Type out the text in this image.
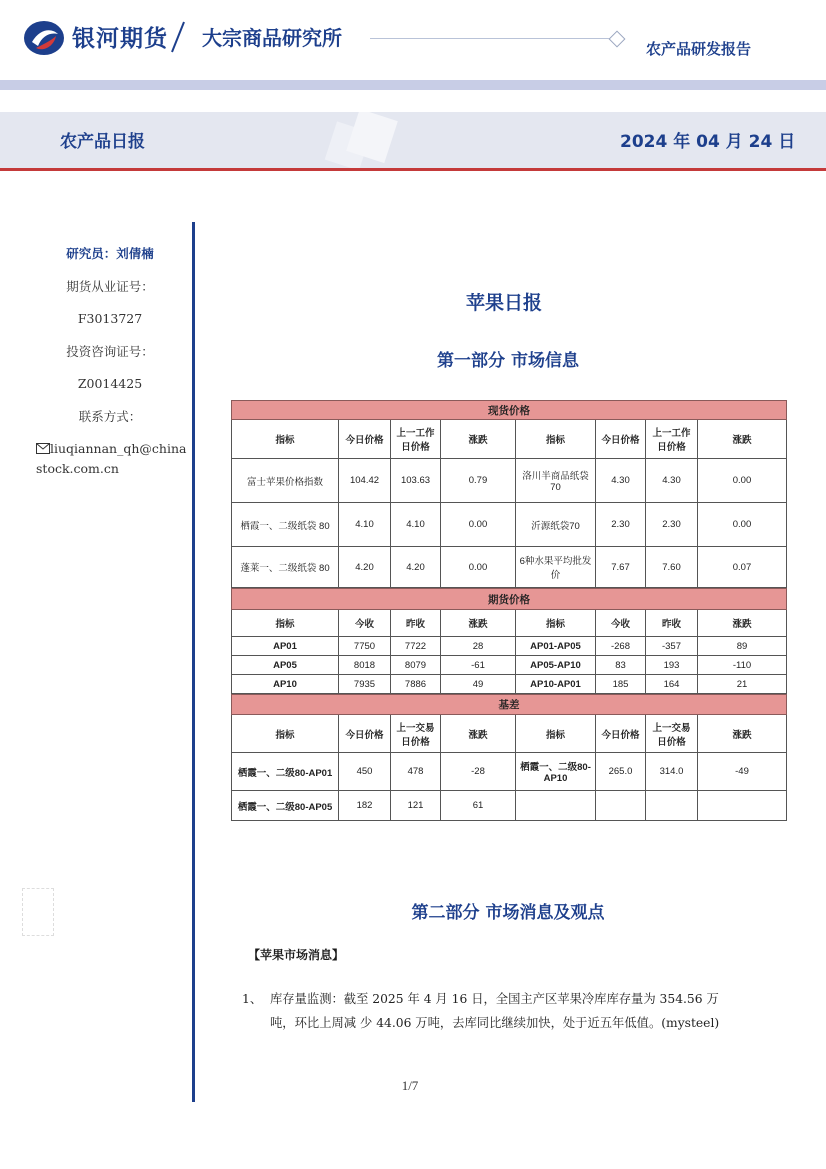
银河期货 大宗商品研究所	农产品研发报告
农产品日报	2024 年 04 月 24 日
研究员：刘倩楠
期货从业证号：
F3013727
投资咨询证号：
Z0014425
联系方式：
liuqiannan_qh@chinastock.com.cn
苹果日报
第一部分 市场信息
现货价格							
指标	今日价格	上一工作日价格	涨跌	指标	今日价格	上一工作日价格	涨跌
富士苹果价格指数	104.42	103.63	0.79	洛川半商品纸袋70	4.30	4.30	0.00
栖霞一、二级纸袋 80	4.10	4.10	0.00	沂源纸袋70	2.30	2.30	0.00
蓬莱一、二级纸袋 80	4.20	4.20	0.00	6种水果平均批发价	7.67	7.60	0.07
期货价格							
指标	今收	昨收	涨跌	指标	今收	昨收	涨跌
AP01	7750	7722	28	AP01-AP05	-268	-357	89
AP05	8018	8079	-61	AP05-AP10	83	193	-110
AP10	7935	7886	49	AP10-AP01	185	164	21
基差							
指标	今日价格	上一交易日价格	涨跌	指标	今日价格	上一交易日价格	涨跌
栖霞一、二级80-AP01	450	478	-28	栖霞一、二级80-AP10	265.0	314.0	-49
栖霞一、二级80-AP05	182	121	61				
第二部分 市场消息及观点
【苹果市场消息】
1、 库存量监测：截至 2025 年 4 月 16 日，全国主产区苹果冷库库存量为 354.56 万
吨，环比上周减 少 44.06 万吨，去库同比继续加快，处于近五年低值。(mysteel)
1/7
